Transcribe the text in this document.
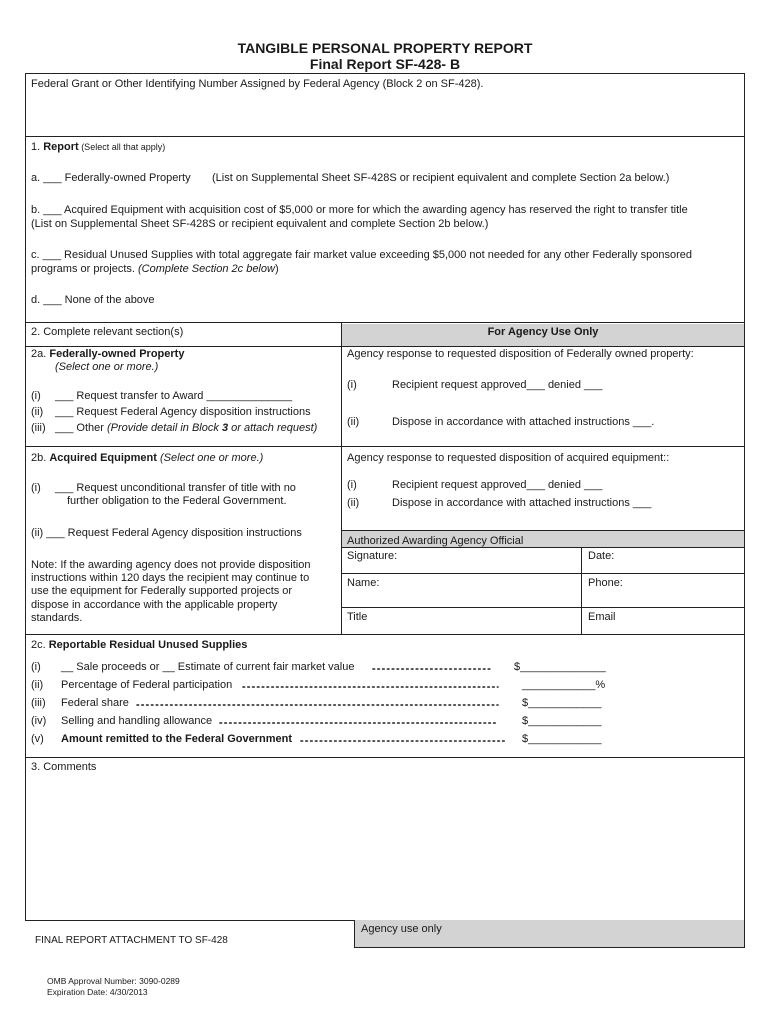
TANGIBLE PERSONAL PROPERTY REPORT
Final Report SF-428- B
Federal Grant or Other Identifying Number Assigned by Federal Agency (Block 2 on SF-428).
1. Report (Select all that apply)
a. ___ Federally-owned Property (List on Supplemental Sheet SF-428S or recipient equivalent and complete Section 2a below.)
b. ___ Acquired Equipment with acquisition cost of $5,000 or more for which the awarding agency has reserved the right to transfer title
(List on Supplemental Sheet SF-428S or recipient equivalent and complete Section 2b below.)
c. ___ Residual Unused Supplies with total aggregate fair market value exceeding $5,000 not needed for any other Federally sponsored
programs or projects. (Complete Section 2c below)
d. ___ None of the above
2. Complete relevant section(s)	For Agency Use Only
2a. Federally-owned Property
(Select one or more.)
(i) ___ Request transfer to Award ______________
(ii) ___ Request Federal Agency disposition instructions
(iii) ___ Other (Provide detail in Block 3 or attach request)
Agency response to requested disposition of Federally owned property:
(i)	Recipient request approved___ denied ___
(ii)	Dispose in accordance with attached instructions ___.
2b. Acquired Equipment (Select one or more.)
(i) ___ Request unconditional transfer of title with no
further obligation to the Federal Government.
(ii) ___ Request Federal Agency disposition instructions
Note: If the awarding agency does not provide disposition
instructions within 120 days the recipient may continue to
use the equipment for Federally supported projects or
dispose in accordance with the applicable property
standards.
Agency response to requested disposition of acquired equipment::
(i)	Recipient request approved___ denied ___
(ii)	Dispose in accordance with attached instructions ___
Authorized Awarding Agency Official
Signature:	Date:
Name:	Phone:
Title	Email
2c. Reportable Residual Unused Supplies
(i) __ Sale proceeds or __ Estimate of current fair market value	$______________
(ii) Percentage of Federal participation	____________%
(iii) Federal share	$____________
(iv) Selling and handling allowance	$____________
(v) Amount remitted to the Federal Government	$____________
3. Comments
FINAL REPORT ATTACHMENT TO SF-428
Agency use only
OMB Approval Number: 3090-0289
Expiration Date: 4/30/2013
